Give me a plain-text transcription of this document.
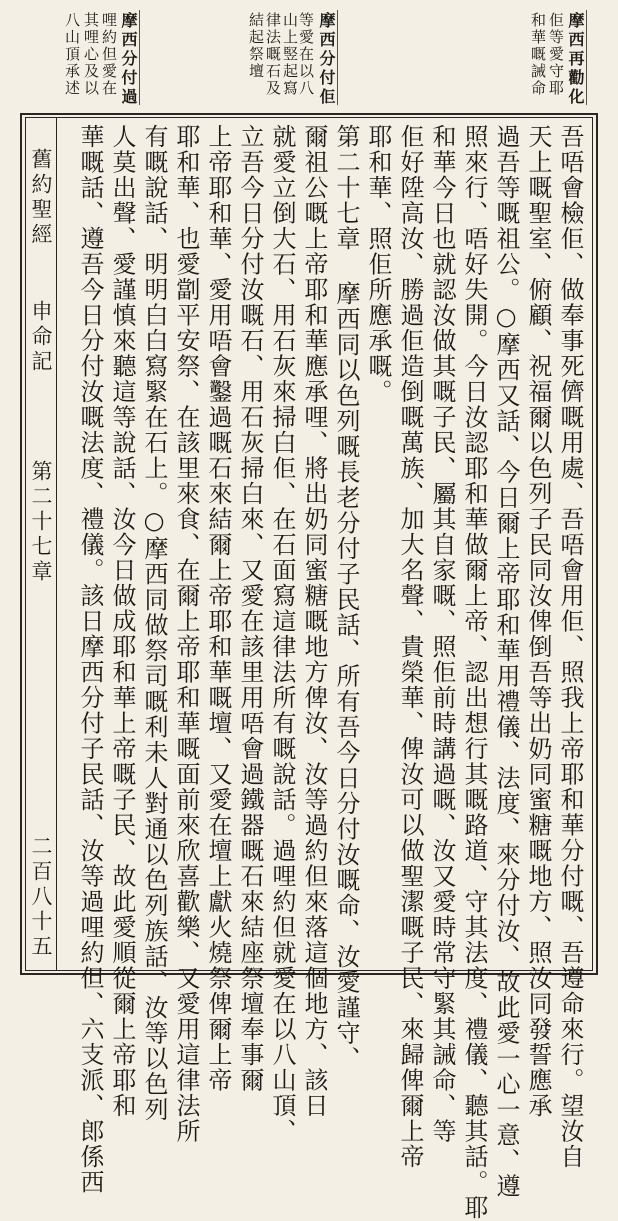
摩西再勸化
佢等愛守耶
和華嘅誡命
摩西分付佢
等愛在以八
山上竪起寫
律法嘅石及
結起祭壇
摩西分付過
哩約但愛在
其哩心及以
八山頂承述
吾唔會檢佢、做奉事死儕嘅用處、吾唔會用佢、照我上帝耶和華分付嘅、吾遵命來行。望汝自
天上嘅聖室、俯顧、祝福爾以色列子民同汝俾倒吾等出奶同蜜糖嘅地方、照汝同發誓應承
過吾等嘅祖公。○摩西又話、今日爾上帝耶和華用禮儀、法度、來分付汝、故此愛一心一意、遵
照來行、唔好失開。今日汝認耶和華做爾上帝、認出想行其嘅路道、守其法度、禮儀、聽其話。耶
和華今日也就認汝做其嘅子民、屬其自家嘅、照佢前時講過嘅、汝又愛時常守緊其誡命、等
佢好陞高汝、勝過佢造倒嘅萬族、加大名聲、貴榮華、俾汝可以做聖潔嘅子民、來歸俾爾上帝
耶和華、照佢所應承嘅。
第二十七章 摩西同以色列嘅長老分付子民話、所有吾今日分付汝嘅命、汝愛謹守、
爾祖公嘅上帝耶和華應承哩、將出奶同蜜糖嘅地方俾汝、汝等過約但來落這個地方、該日
就愛立倒大石、用石灰來掃白佢、在石面寫這律法所有嘅說話。過哩約但就愛在以八山頂、
立吾今日分付汝嘅石、用石灰掃白來、又愛在該里用唔會過鐵器嘅石來結座祭壇奉事爾
上帝耶和華、愛用唔會鑿過嘅石來結爾上帝耶和華嘅壇、又愛在壇上獻火燒祭俾爾上帝
耶和華、也愛劏平安祭、在該里來食、在爾上帝耶和華嘅面前來欣喜歡樂、又愛用這律法所
有嘅說話、明明白白寫緊在石上。○摩西同做祭司嘅利未人對通以色列族話、汝等以色列
人莫出聲、愛謹慎來聽這等說話、汝今日做成耶和華上帝嘅子民、故此愛順從爾上帝耶和
華嘅話、遵吾今日分付汝嘅法度、禮儀。該日摩西分付子民話、汝等過哩約但、六支派、郎係西
舊約聖經
申命記
第二十七章
二百八十五
